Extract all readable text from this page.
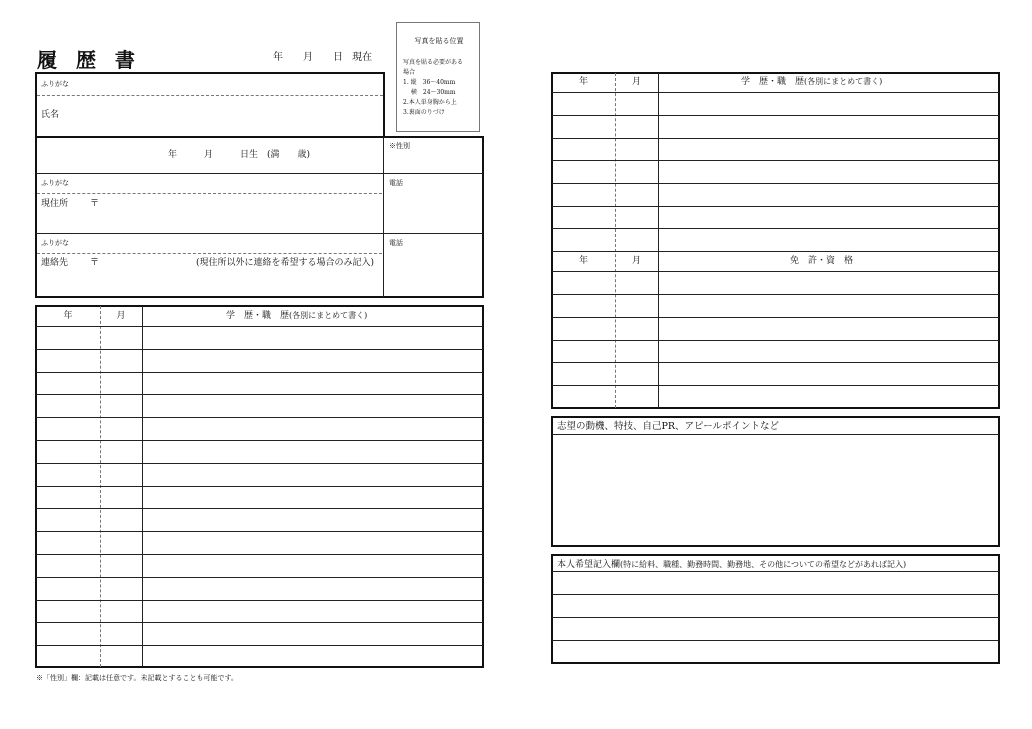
履 歴 書	年　　月　　日 現在
写真を貼る位置
写真を貼る必要がある
場合
1. 縦　36～40mm
　 横　24～30mm
2.本人単身胸から上
3.裏面のりづけ
ふりがな
氏名
年　　　月　　　日生　(満　　歳)
※性別
ふりがな
現住所 〒
電話
ふりがな
連絡先 〒	(現住所以外に連絡を希望する場合のみ記入)
電話
年	月	学　歴・職　歴(各別にまとめて書く)
※「性別」欄：記載は任意です。未記載とすることも可能です。
年	月	学　歴・職　歴(各別にまとめて書く)
年	月	免　許・資　格
志望の動機、特技、自己PR、アピールポイントなど
本人希望記入欄(特に給料、職種、勤務時間、勤務地、その他についての希望などがあれば記入)
